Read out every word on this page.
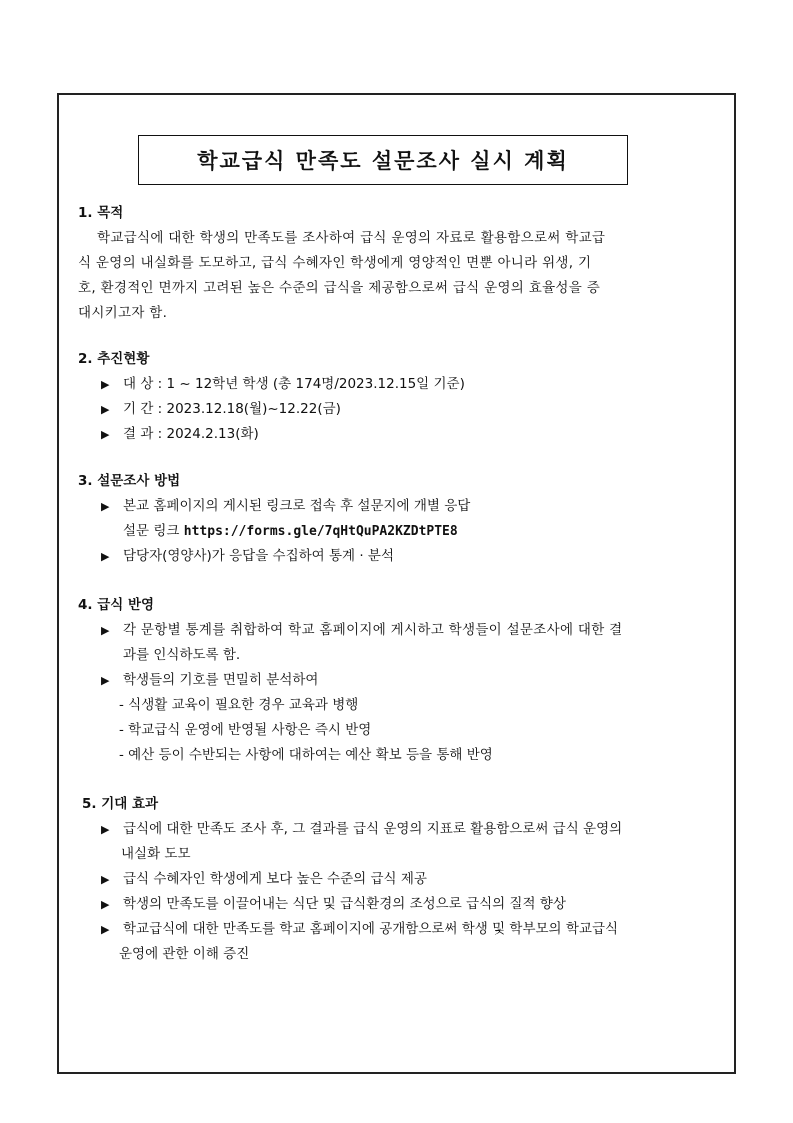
학교급식 만족도 설문조사 실시 계획
1. 목적
학교급식에 대한 학생의 만족도를 조사하여 급식 운영의 자료로 활용함으로써 학교급
식 운영의 내실화를 도모하고, 급식 수혜자인 학생에게 영양적인 면뿐 아니라 위생, 기
호, 환경적인 면까지 고려된 높은 수준의 급식을 제공함으로써 급식 운영의 효율성을 증
대시키고자 함.
2. 추진현황
▶ 대 상 : 1 ~ 12학년 학생 (총 174명/2023.12.15일 기준)
▶ 기 간 : 2023.12.18(월)~12.22(금)
▶ 결 과 : 2024.2.13(화)
3. 설문조사 방법
▶ 본교 홈페이지의 게시된 링크로 접속 후 설문지에 개별 응답
설문 링크 https://forms.gle/7qHtQuPA2KZDtPTE8
▶ 담당자(영양사)가 응답을 수집하여 통계 · 분석
4. 급식 반영
▶ 각 문항별 통계를 취합하여 학교 홈페이지에 게시하고 학생들이 설문조사에 대한 결
과를 인식하도록 함.
▶ 학생들의 기호를 면밀히 분석하여
- 식생활 교육이 필요한 경우 교육과 병행
- 학교급식 운영에 반영될 사항은 즉시 반영
- 예산 등이 수반되는 사항에 대하여는 예산 확보 등을 통해 반영
5. 기대 효과
▶ 급식에 대한 만족도 조사 후, 그 결과를 급식 운영의 지표로 활용함으로써 급식 운영의
내실화 도모
▶ 급식 수혜자인 학생에게 보다 높은 수준의 급식 제공
▶ 학생의 만족도를 이끌어내는 식단 및 급식환경의 조성으로 급식의 질적 향상
▶ 학교급식에 대한 만족도를 학교 홈페이지에 공개함으로써 학생 및 학부모의 학교급식
운영에 관한 이해 증진
